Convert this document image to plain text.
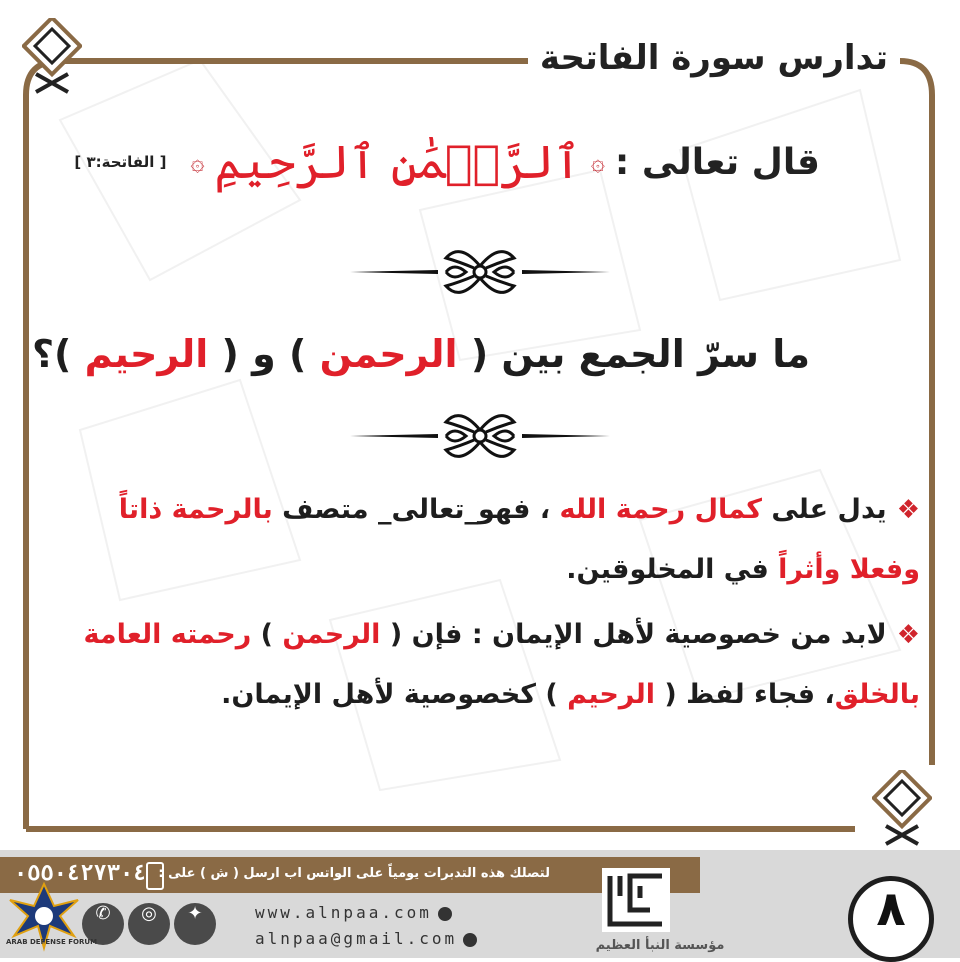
تدارس سورة الفاتحة
قال تعالى :
۞
ٱلرَّحۡمَٰنِ ٱلرَّحِيمِ
۞
[ الفاتحة:٣ ]
ما سرّ الجمع بين ( الرحمن ) و ( الرحيم )؟
❖يدل على كمال رحمة الله ، فهو_تعالى_ متصف بالرحمة ذاتاً وفعلا وأثراً في المخلوقين.
❖لابد من خصوصية لأهل الإيمان : فإن ( الرحمن ) رحمته العامة بالخلق، فجاء لفظ ( الرحيم ) كخصوصية لأهل الإيمان.
٠٥٥٠٤٢٧٣٠٤ لتصلك هذه التدبرات يومياً على الواتس اب ارسل ( ش ) على :
✆	◎	✦	www.alnpaa.com
alnpaa@gmail.com	مؤسسة النبأ العظيم
٨
ARAB DEFENSE FORUM
